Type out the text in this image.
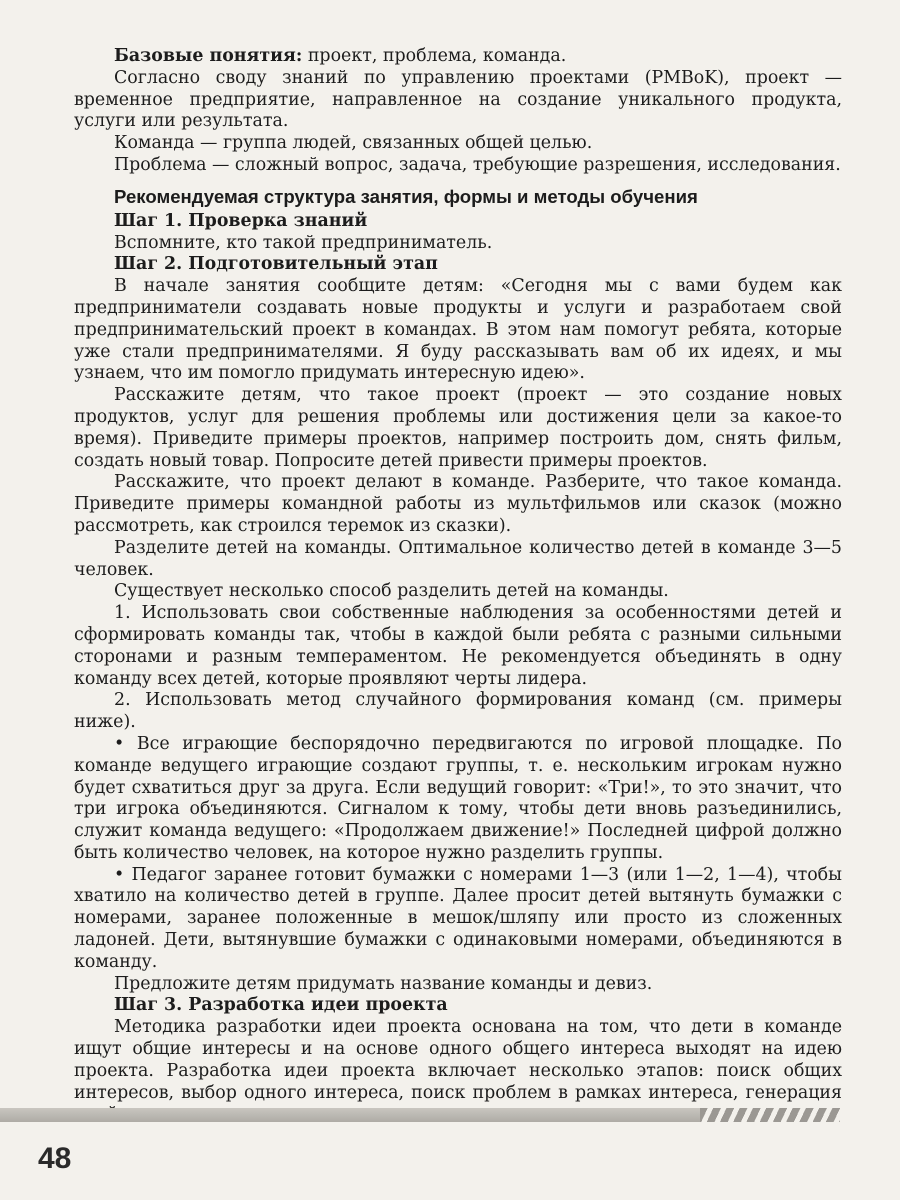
Базовые понятия: проект, проблема, команда.

Согласно своду знаний по управлению проектами (PMBoK), проект — временное предприятие, направленное на создание уникального продукта, услуги или результата.

Команда — группа людей, связанных общей целью.

Проблема — сложный вопрос, задача, требующие разрешения, исследования.

Рекомендуемая структура занятия, формы и методы обучения

Шаг 1. Проверка знаний

Вспомните, кто такой предприниматель.

Шаг 2. Подготовительный этап

В начале занятия сообщите детям: «Сегодня мы с вами будем как предприниматели создавать новые продукты и услуги и разработаем свой предпринимательский проект в командах. В этом нам помогут ребята, которые уже стали предпринимателями. Я буду рассказывать вам об их идеях, и мы узнаем, что им помогло придумать интересную идею».

Расскажите детям, что такое проект (проект — это создание новых продуктов, услуг для решения проблемы или достижения цели за какое-то время). Приведите примеры проектов, например построить дом, снять фильм, создать новый товар. Попросите детей привести примеры проектов.

Расскажите, что проект делают в команде. Разберите, что такое команда. Приведите примеры командной работы из мультфильмов или сказок (можно рассмотреть, как строился теремок из сказки).

Разделите детей на команды. Оптимальное количество детей в команде 3—5 человек.

Существует несколько способ разделить детей на команды.

1. Использовать свои собственные наблюдения за особенностями детей и сформировать команды так, чтобы в каждой были ребята с разными сильными сторонами и разным темпераментом. Не рекомендуется объединять в одну команду всех детей, которые проявляют черты лидера.

2. Использовать метод случайного формирования команд (см. примеры ниже).

• Все играющие беспорядочно передвигаются по игровой площадке. По команде ведущего играющие создают группы, т. е. нескольким игрокам нужно будет схватиться друг за друга. Если ведущий говорит: «Три!», то это значит, что три игрока объединяются. Сигналом к тому, чтобы дети вновь разъединились, служит команда ведущего: «Продолжаем движение!» Последней цифрой должно быть количество человек, на которое нужно разделить группы.

• Педагог заранее готовит бумажки с номерами 1—3 (или 1—2, 1—4), чтобы хватило на количество детей в группе. Далее просит детей вытянуть бумажки с номерами, заранее положенные в мешок/шляпу или просто из сложенных ладоней. Дети, вытянувшие бумажки с одинаковыми номерами, объединяются в команду.

Предложите детям придумать название команды и девиз.

Шаг 3. Разработка идеи проекта

Методика разработки идеи проекта основана на том, что дети в команде ищут общие интересы и на основе одного общего интереса выходят на идею проекта. Разработка идеи проекта включает несколько этапов: поиск общих интересов, выбор одного интереса, поиск проблем в рамках интереса, генерация

48
